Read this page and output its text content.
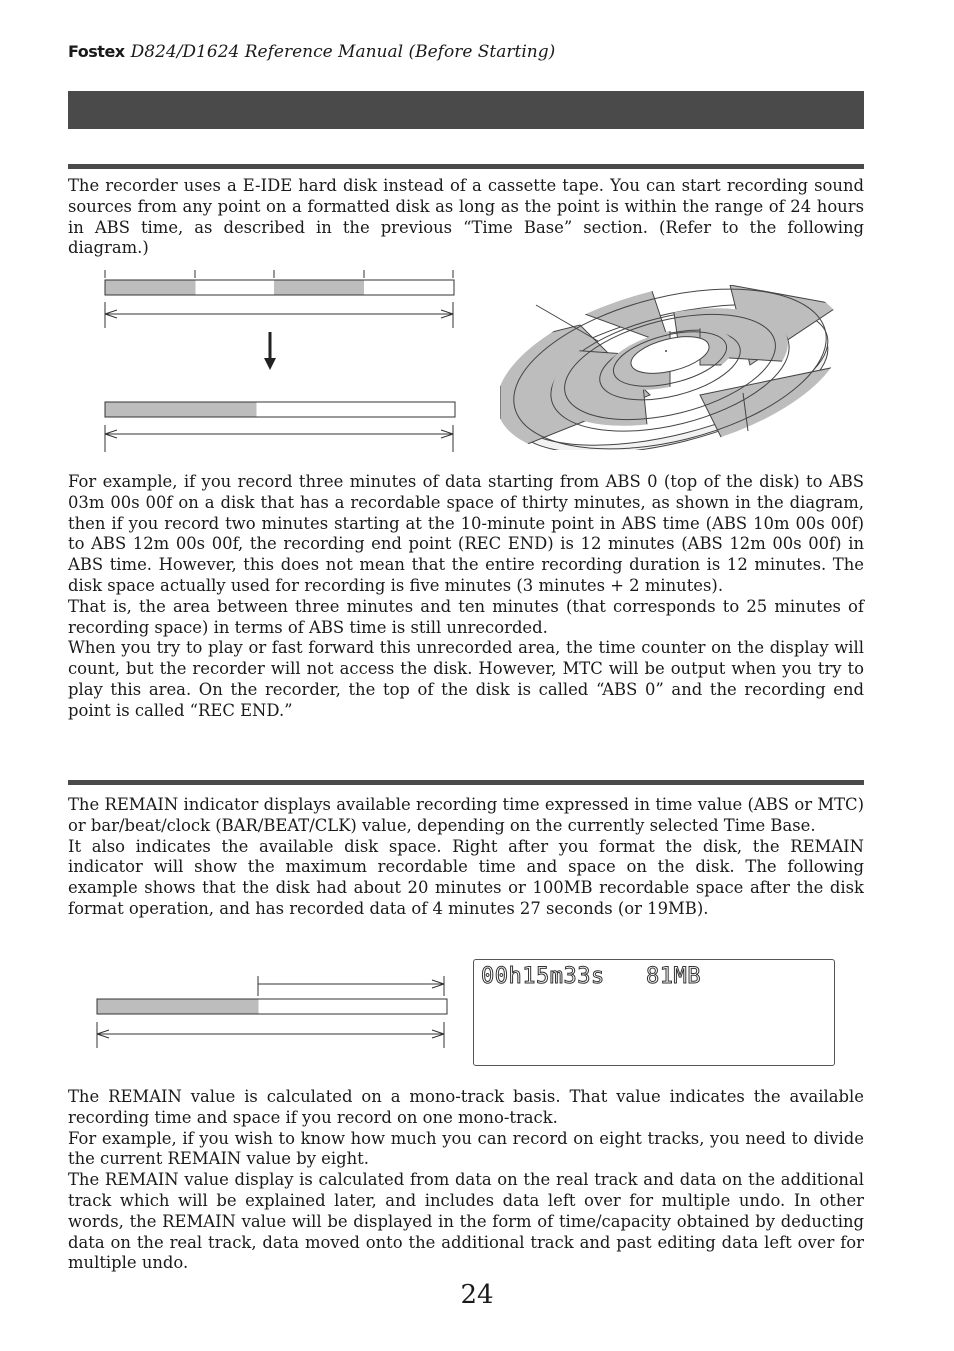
Fostex D824/D1624 Reference Manual (Before Starting)

The recorder uses a E-IDE hard disk instead of a cassette tape. You can start recording sound sources from any point on a formatted disk as long as the point is within the range of 24 hours in ABS time, as described in the previous “Time Base” section. (Refer to the following diagram.)

For example, if you record three minutes of data starting from ABS 0 (top of the disk) to ABS 03m 00s 00f on a disk that has a recordable space of thirty minutes, as shown in the diagram, then if you record two minutes starting at the 10-minute point in ABS time (ABS 10m 00s 00f) to ABS 12m 00s 00f, the recording end point (REC END) is 12 minutes (ABS 12m 00s 00f) in ABS time. However, this does not mean that the entire recording duration is 12 minutes. The disk space actually used for recording is five minutes (3 minutes + 2 minutes).

That is, the area between three minutes and ten minutes (that corresponds to 25 minutes of recording space) in terms of ABS time is still unrecorded.

When you try to play or fast forward this unrecorded area, the time counter on the display will count, but the recorder will not access the disk. However, MTC will be output when you try to play this area. On the recorder, the top of the disk is called “ABS 0” and the recording end point is called “REC END.”

The REMAIN indicator displays available recording time expressed in time value (ABS or MTC) or bar/beat/clock (BAR/BEAT/CLK) value, depending on the currently selected Time Base.

It also indicates the available disk space. Right after you format the disk, the REMAIN indicator will show the maximum recordable time and space on the disk. The following example shows that the disk had about 20 minutes or 100MB recordable space after the disk format operation, and has recorded data of 4 minutes 27 seconds (or 19MB).

00h15m33s 81MB

The REMAIN value is calculated on a mono-track basis. That value indicates the available recording time and space if you record on one mono-track.

For example, if you wish to know how much you can record on eight tracks, you need to divide the current REMAIN value by eight.

The REMAIN value display is calculated from data on the real track and data on the additional track which will be explained later, and includes data left over for multiple undo. In other words, the REMAIN value will be displayed in the form of time/capacity obtained by deducting data on the real track, data moved onto the additional track and past editing data left over for multiple undo.

24
